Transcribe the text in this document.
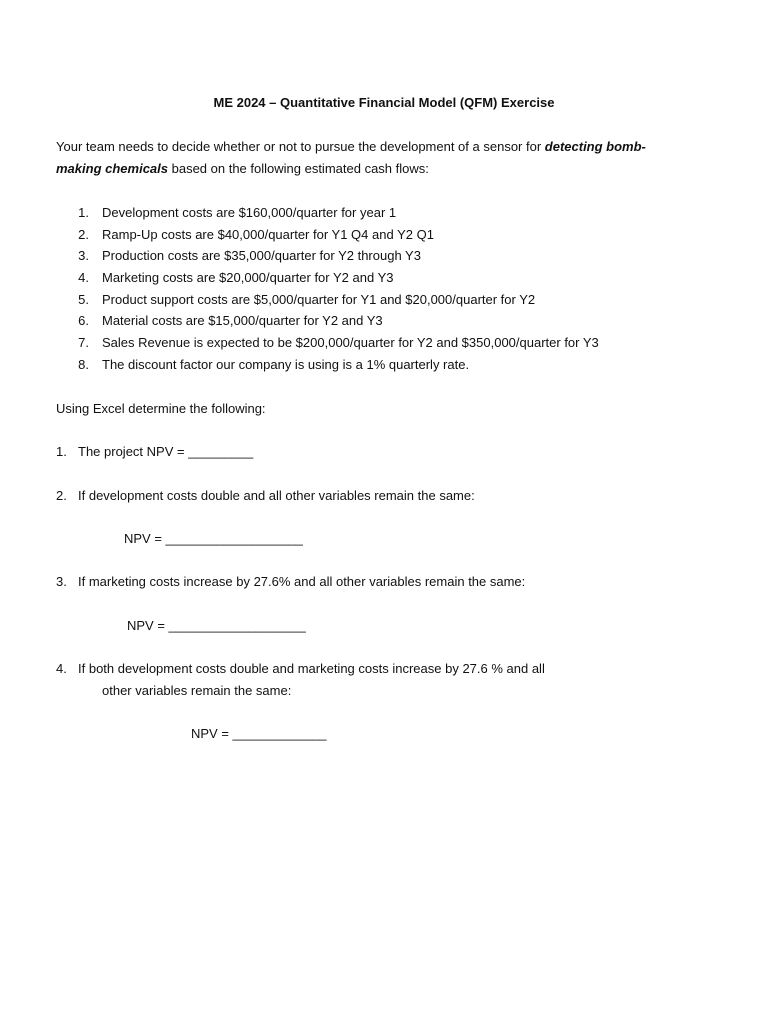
ME 2024 – Quantitative Financial Model (QFM) Exercise
Your team needs to decide whether or not to pursue the development of a sensor for detecting bomb-
making chemicals based on the following estimated cash flows:
1. Development costs are $160,000/quarter for year 1
2. Ramp-Up costs are $40,000/quarter for Y1 Q4 and Y2 Q1
3. Production costs are $35,000/quarter for Y2 through Y3
4. Marketing costs are $20,000/quarter for Y2 and Y3
5. Product support costs are $5,000/quarter for Y1 and $20,000/quarter for Y2
6. Material costs are $15,000/quarter for Y2 and Y3
7. Sales Revenue is expected to be $200,000/quarter for Y2 and $350,000/quarter for Y3
8. The discount factor our company is using is a 1% quarterly rate.
Using Excel determine the following:
1. The project NPV = _________
2. If development costs double and all other variables remain the same:
NPV = ___________________
3. If marketing costs increase by 27.6% and all other variables remain the same:
NPV = ___________________
4. If both development costs double and marketing costs increase by 27.6 % and all
other variables remain the same:
NPV = _____________
